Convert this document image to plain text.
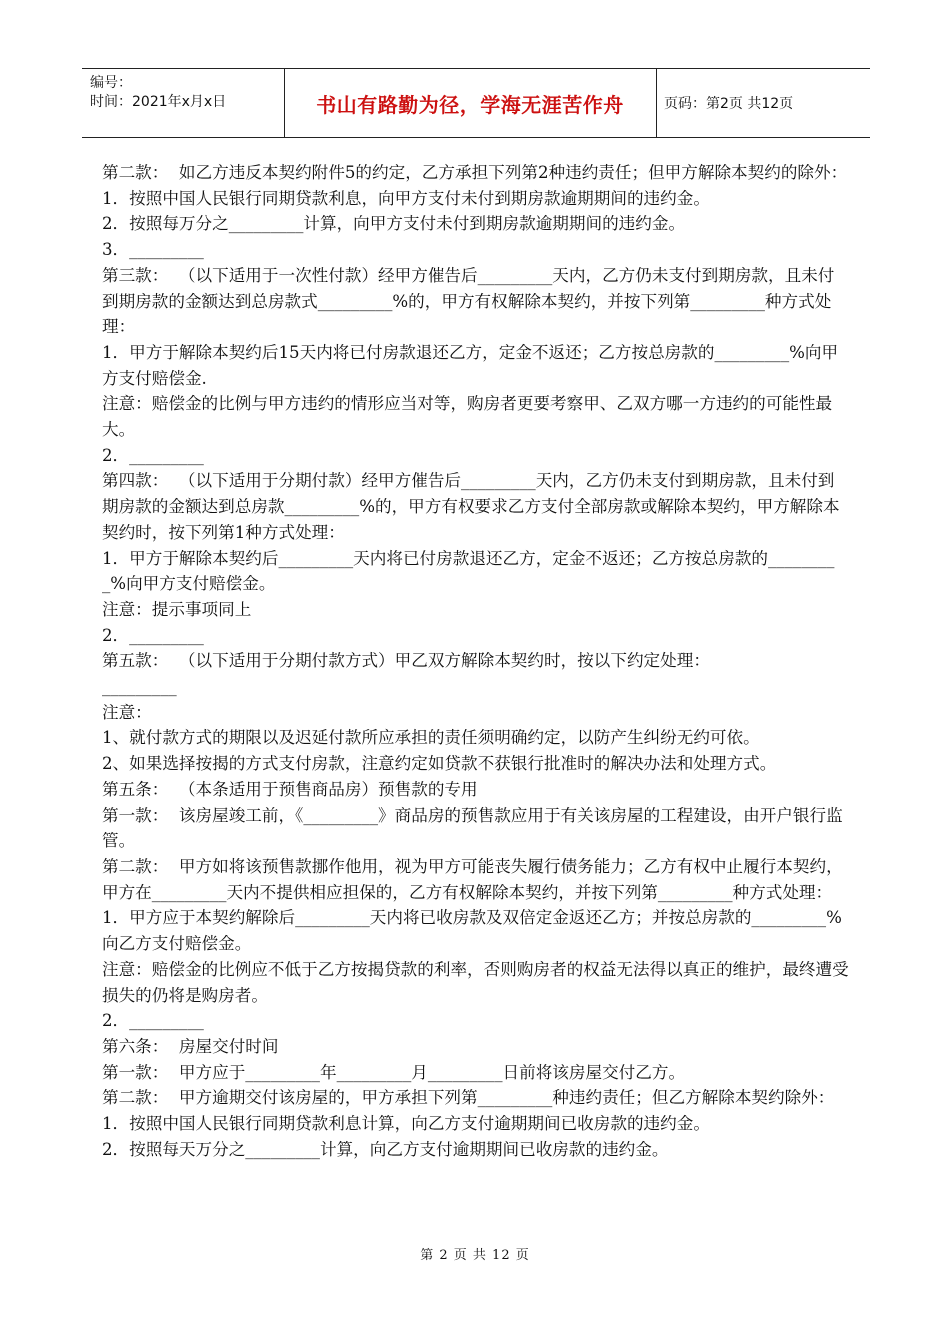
编号：
时间：2021年x月x日	书山有路勤为径，学海无涯苦作舟	页码：第2页 共12页

第二款：  如乙方违反本契约附件5的约定，乙方承担下列第2种违约责任；但甲方解除本契约的除外：

1．按照中国人民银行同期贷款利息，向甲方支付未付到期房款逾期期间的违约金。

2．按照每万分之_________计算，向甲方支付未付到期房款逾期期间的违约金。

3．_________

第三款：  （以下适用于一次性付款）经甲方催告后_________天内，乙方仍未支付到期房款，且未付到期房款的金额达到总房款式_________%的，甲方有权解除本契约，并按下列第_________种方式处理：

1．甲方于解除本契约后15天内将已付房款退还乙方，定金不返还；乙方按总房款的_________%向甲方支付赔偿金.

注意：赔偿金的比例与甲方违约的情形应当对等，购房者更要考察甲、乙双方哪一方违约的可能性最大。

2．_________

第四款：  （以下适用于分期付款）经甲方催告后_________天内，乙方仍未支付到期房款，且未付到期房款的金额达到总房款_________%的，甲方有权要求乙方支付全部房款或解除本契约，甲方解除本契约时，按下列第1种方式处理：

1．甲方于解除本契约后_________天内将已付房款退还乙方，定金不返还；乙方按总房款的_________%向甲方支付赔偿金。

注意：提示事项同上

2．_________

第五款：  （以下适用于分期付款方式）甲乙双方解除本契约时，按以下约定处理：

_________

注意：

1、就付款方式的期限以及迟延付款所应承担的责任须明确约定，以防产生纠纷无约可依。

2、如果选择按揭的方式支付房款，注意约定如贷款不获银行批准时的解决办法和处理方式。

第五条：  （本条适用于预售商品房）预售款的专用

第一款：  该房屋竣工前，《_________》商品房的预售款应用于有关该房屋的工程建设，由开户银行监管。

第二款：  甲方如将该预售款挪作他用，视为甲方可能丧失履行债务能力；乙方有权中止履行本契约，甲方在_________天内不提供相应担保的，乙方有权解除本契约，并按下列第_________种方式处理：

1．甲方应于本契约解除后_________天内将已收房款及双倍定金返还乙方；并按总房款的_________%向乙方支付赔偿金。

注意：赔偿金的比例应不低于乙方按揭贷款的利率，否则购房者的权益无法得以真正的维护，最终遭受损失的仍将是购房者。

2．_________

第六条：  房屋交付时间

第一款：  甲方应于_________年_________月_________日前将该房屋交付乙方。

第二款：  甲方逾期交付该房屋的，甲方承担下列第_________种违约责任；但乙方解除本契约除外：

1．按照中国人民银行同期贷款利息计算，向乙方支付逾期期间已收房款的违约金。

2．按照每天万分之_________计算，向乙方支付逾期期间已收房款的违约金。

第 2 页 共 12 页
